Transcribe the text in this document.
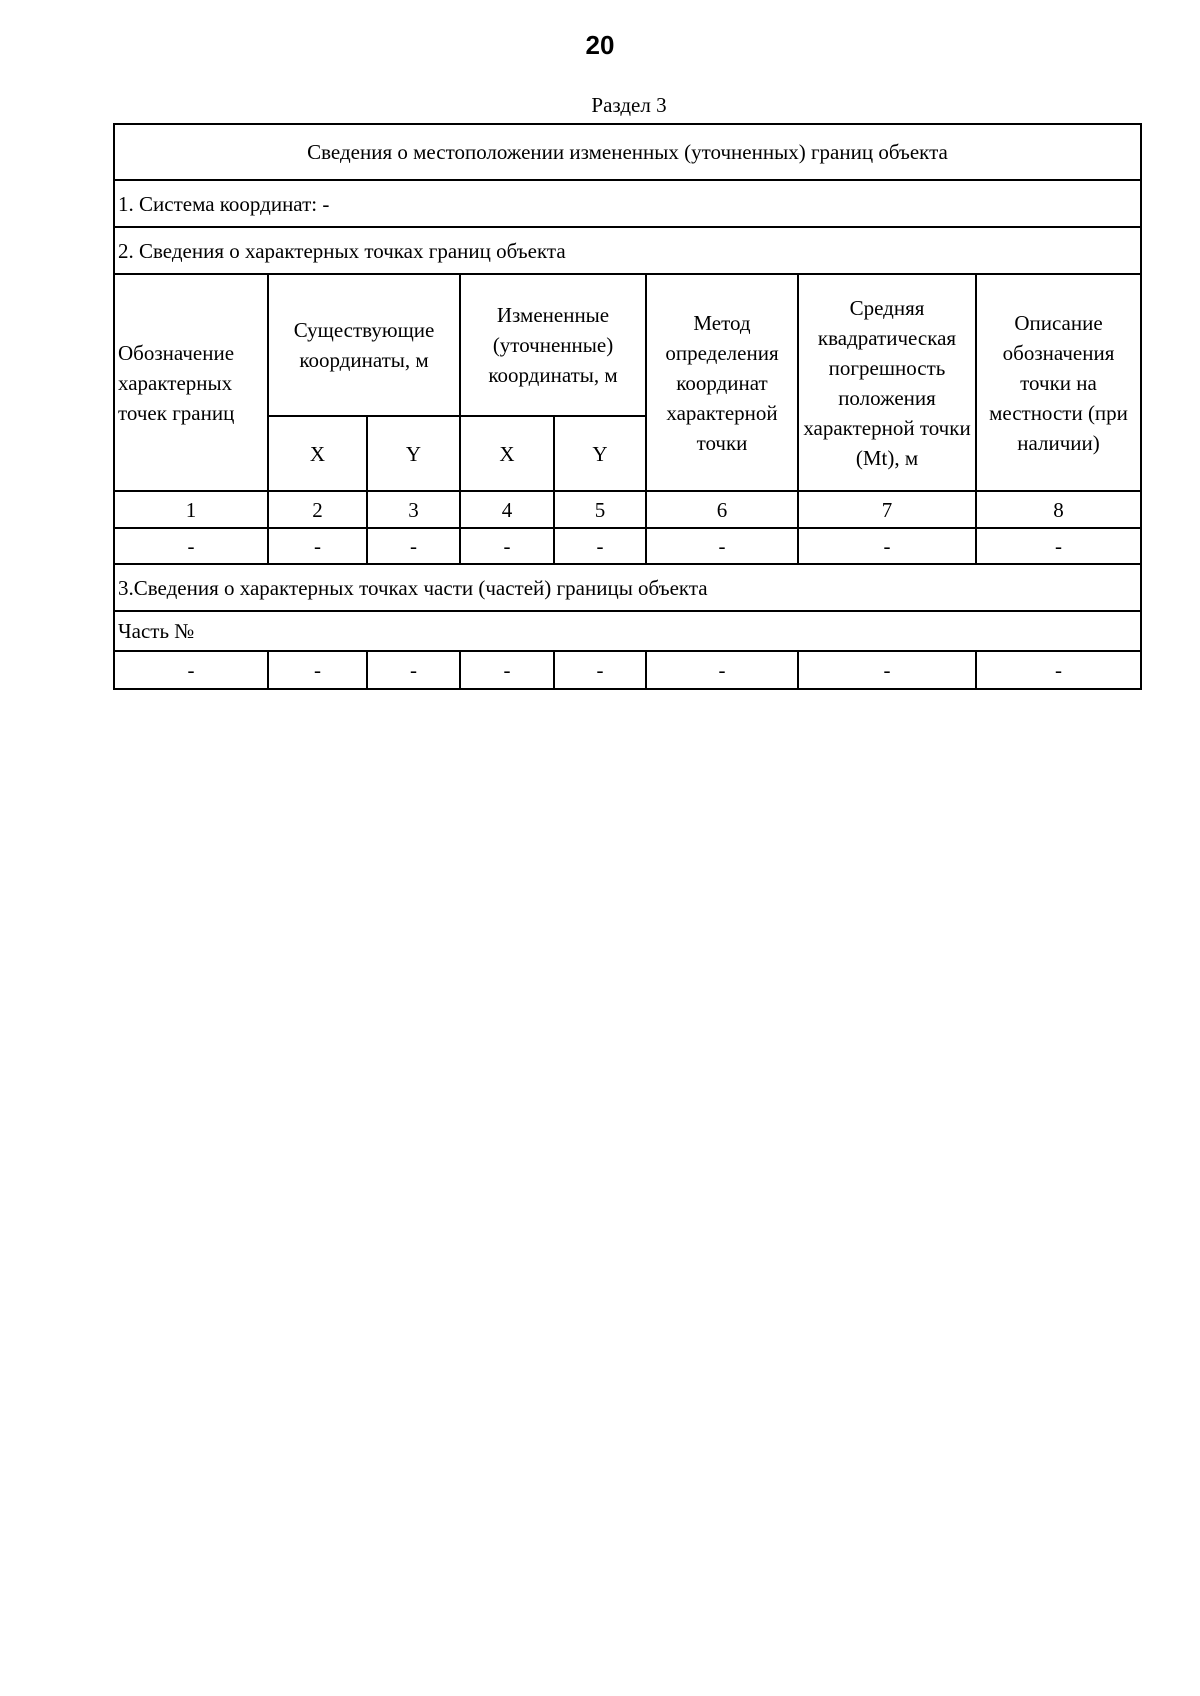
20
Раздел 3
Сведения о местоположении измененных (уточненных) границ объекта							
1. Система координат: -							
2. Сведения о характерных точках границ объекта							
Обозначение характерных точек границ	Существующие координаты, м		Измененные (уточненные) координаты, м		Метод определения координат характерной точки	Средняя квадратическая погрешность положения характерной точки (Mt), м	Описание обозначения точки на местности (при наличии)
	X	Y	X	Y			
1	2	3	4	5	6	7	8
-	-	-	-	-	-	-	-
3.Сведения о характерных точках части (частей) границы объекта							
Часть №							
-	-	-	-	-	-	-	-
